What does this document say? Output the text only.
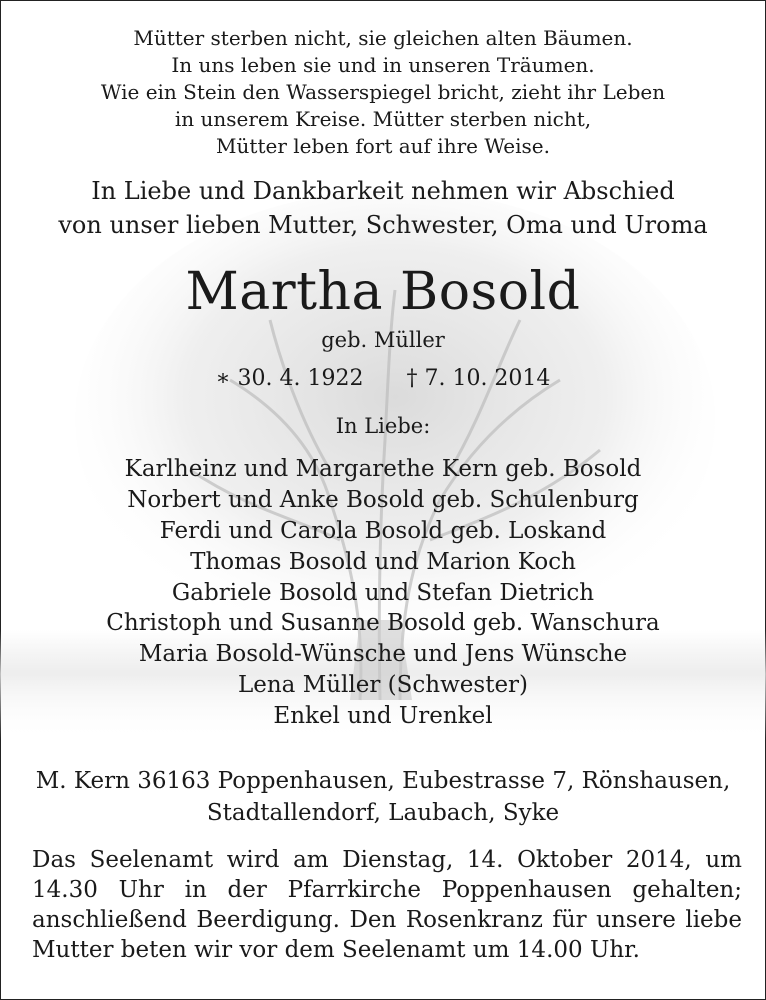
Mütter sterben nicht, sie gleichen alten Bäumen.
In uns leben sie und in unseren Träumen.
Wie ein Stein den Wasserspiegel bricht, zieht ihr Leben
in unserem Kreise. Mütter sterben nicht,
Mütter leben fort auf ihre Weise.
In Liebe und Dankbarkeit nehmen wir Abschied
von unser lieben Mutter, Schwester, Oma und Uroma
Martha Bosold
geb. Müller
∗ 30. 4. 1922 † 7. 10. 2014
In Liebe:
Karlheinz und Margarethe Kern geb. Bosold
Norbert und Anke Bosold geb. Schulenburg
Ferdi und Carola Bosold geb. Loskand
Thomas Bosold und Marion Koch
Gabriele Bosold und Stefan Dietrich
Christoph und Susanne Bosold geb. Wanschura
Maria Bosold-Wünsche und Jens Wünsche
Lena Müller (Schwester)
Enkel und Urenkel
M. Kern 36163 Poppenhausen, Eubestrasse 7, Rönshausen,
Stadtallendorf, Laubach, Syke
Das Seelenamt wird am Dienstag, 14. Oktober 2014, um 14.30 Uhr in der Pfarrkirche Poppenhausen gehalten; anschließend Beerdigung. Den Rosenkranz für unsere liebe Mutter beten wir vor dem Seelenamt um 14.00 Uhr.
